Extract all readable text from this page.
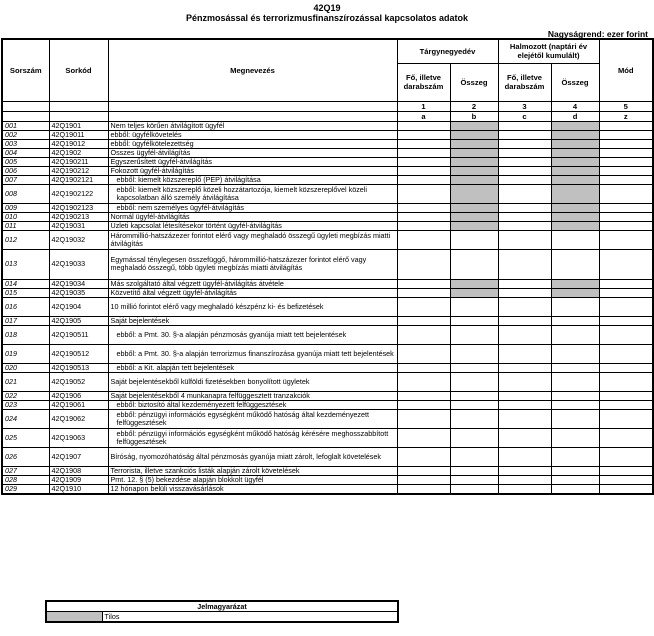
42Q19
Pénzmosással és terrorizmusfinanszírozással kapcsolatos adatok
Nagyságrend: ezer forint
Sorszám	Sorkód	Megnevezés	Tárgynegyedév		Halmozott (naptári év elejétől kumulált)		Mód
			Fő, illetve darabszám	Összeg	Fő, illetve darabszám	Összeg	
			1	2	3	4	5
			a	b	c	d	z
001	42Q1901	Nem teljes körűen átvilágított ügyfél					
002	42Q19011	ebből: ügyfélkövetelés					
003	42Q19012	ebből: ügyfélkötelezettség					
004	42Q1902	Összes ügyfél-átvilágítás					
005	42Q190211	Egyszerűsített ügyfél-átvilágítás					
006	42Q190212	Fokozott ügyfél-átvilágítás					
007	42Q1902121	ebből: kiemelt közszereplő (PEP) átvilágítása					
008	42Q1902122	ebből: kiemelt közszereplő közeli hozzátartozója, kiemelt közszereplővel közeli kapcsolatban álló személy átvilágítása					
009	42Q1902123	ebből: nem személyes ügyfél-átvilágítás					
010	42Q190213	Normál ügyfél-átvilágítás					
011	42Q19031	Üzleti kapcsolat létesítésekor történt ügyfél-átvilágítás					
012	42Q19032	Hárommillió-hatszázezer forintot elérő vagy meghaladó összegű ügyleti megbízás miatti átvilágítás					
013	42Q19033	Egymással ténylegesen összefüggő, hárommillió-hatszázezer forintot elérő vagy meghaladó összegű, több ügyleti megbízás miatti átvilágítás					
014	42Q19034	Más szolgáltató által végzett ügyfél-átvilágítás átvétele					
015	42Q19035	Közvetítő által végzett ügyfél-átvilágítás					
016	42Q1904	10 millió forintot elérő vagy meghaladó készpénz ki- és befizetések					
017	42Q1905	Saját bejelentések					
018	42Q190511	ebből: a Pmt. 30. §-a alapján pénzmosás gyanúja miatt tett bejelentések					
019	42Q190512	ebből: a Pmt. 30. §-a alapján terrorizmus finanszírozása gyanúja miatt tett bejelentések					
020	42Q190513	ebből: a Kit. alapján tett bejelentések					
021	42Q19052	Saját bejelentésekből külföldi fizetésekben bonyolított ügyletek					
022	42Q1906	Saját bejelentésekből 4 munkanapra felfüggesztett tranzakciók					
023	42Q19061	ebből: biztosító által kezdeményezett felfüggesztések					
024	42Q19062	ebből: pénzügyi információs egységként működő hatóság által kezdeményezett felfüggesztések					
025	42Q19063	ebből: pénzügyi információs egységként működő hatóság kérésére meghosszabbított felfüggesztések					
026	42Q1907	Bíróság, nyomozóhatóság által pénzmosás gyanúja miatt zárolt, lefoglalt követelések					
027	42Q1908	Terrorista, illetve szankciós listák alapján zárolt követelések					
028	42Q1909	Pmt. 12. § (5) bekezdése alapján blokkolt ügyfél					
029	42Q1910	12 hónapon belüli visszavásárlások					
Jelmagyarázat
	Tilos
